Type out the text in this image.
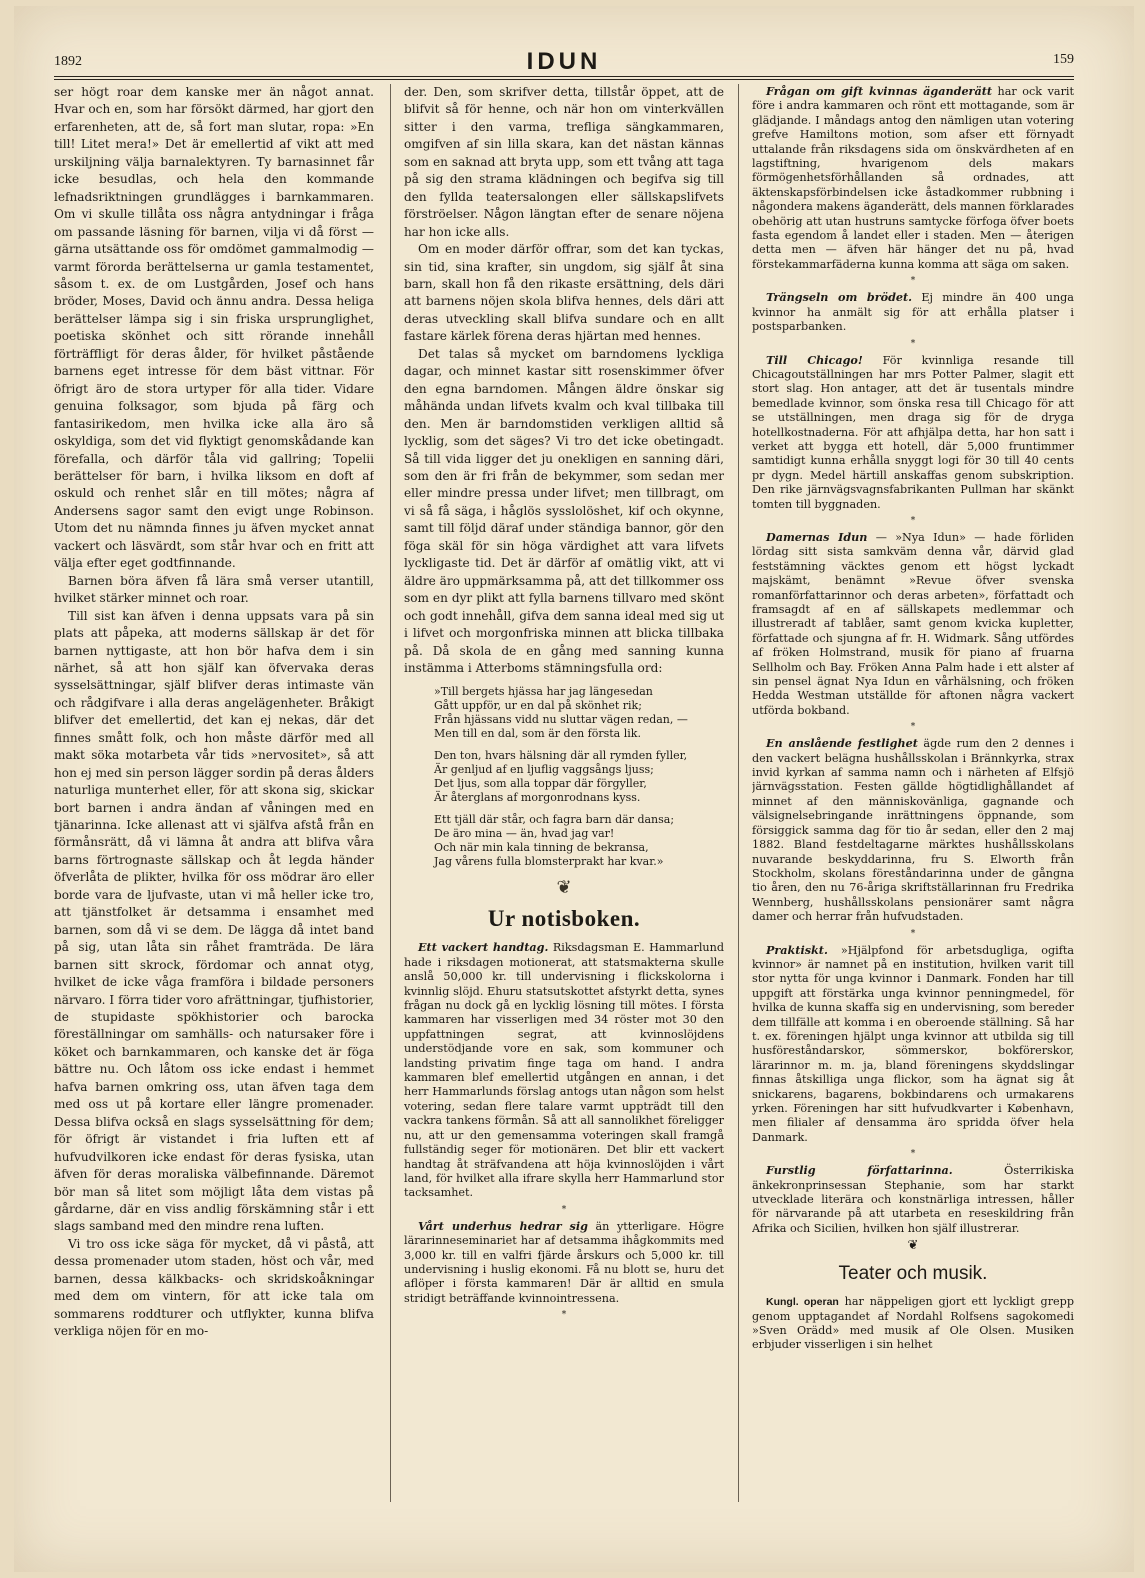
1892	IDUN	159

ser högt roar dem kanske mer än något annat. Hvar och en, som har försökt därmed, har gjort den erfarenheten, att de, så fort man slutar, ropa: »En till! Litet mera!» Det är emellertid af vikt att med urskiljning välja barnalektyren. Ty barnasinnet får icke besudlas, och hela den kommande lefnadsriktningen grundlägges i barnkammaren. Om vi skulle tillåta oss några antydningar i fråga om passande läsning för barnen, vilja vi då först — gärna utsättande oss för omdömet gammalmodig — varmt förorda berättelserna ur gamla testamentet, såsom t. ex. de om Lustgården, Josef och hans bröder, Moses, David och ännu andra. Dessa heliga berättelser lämpa sig i sin friska ursprunglighet, poetiska skönhet och sitt rörande innehåll förträffligt för deras ålder, för hvilket påstående barnens eget intresse för dem bäst vittnar. För öfrigt äro de stora urtyper för alla tider. Vidare genuina folksagor, som bjuda på färg och fantasirikedom, men hvilka icke alla äro så oskyldiga, som det vid flyktigt genomskådande kan förefalla, och därför tåla vid gallring; Topelii berättelser för barn, i hvilka liksom en doft af oskuld och renhet slår en till mötes; några af Andersens sagor samt den evigt unge Robinson. Utom det nu nämnda finnes ju äfven mycket annat vackert och läsvärdt, som står hvar och en fritt att välja efter eget godtfinnande.

Barnen böra äfven få lära små verser utantill, hvilket stärker minnet och roar.

Till sist kan äfven i denna uppsats vara på sin plats att påpeka, att moderns sällskap är det för barnen nyttigaste, att hon bör hafva dem i sin närhet, så att hon själf kan öfvervaka deras sysselsättningar, själf blifver deras intimaste vän och rådgifvare i alla deras angelägenheter. Bråkigt blifver det emellertid, det kan ej nekas, där det finnes smått folk, och hon måste därför med all makt söka motarbeta vår tids »nervositet», så att hon ej med sin person lägger sordin på deras ålders naturliga munterhet eller, för att skona sig, skickar bort barnen i andra ändan af våningen med en tjänarinna. Icke allenast att vi själfva afstå från en förmånsrätt, då vi lämna åt andra att blifva våra barns förtrognaste sällskap och åt legda händer öfverlåta de plikter, hvilka för oss mödrar äro eller borde vara de ljufvaste, utan vi må heller icke tro, att tjänstfolket är detsamma i ensamhet med barnen, som då vi se dem. De lägga då intet band på sig, utan låta sin råhet framträda. De lära barnen sitt skrock, fördomar och annat otyg, hvilket de icke våga framföra i bildade personers närvaro. I förra tider voro afrättningar, tjufhistorier, de stupidaste spökhistorier och barocka föreställningar om samhälls- och natursaker före i köket och barnkammaren, och kanske det är föga bättre nu. Och låtom oss icke endast i hemmet hafva barnen omkring oss, utan äfven taga dem med oss ut på kortare eller längre promenader. Dessa blifva också en slags sysselsättning för dem; för öfrigt är vistandet i fria luften ett af hufvudvilkoren icke endast för deras fysiska, utan äfven för deras moraliska välbefinnande. Däremot bör man så litet som möjligt låta dem vistas på gårdarne, där en viss andlig förskämning står i ett slags samband med den mindre rena luften.

Vi tro oss icke säga för mycket, då vi påstå, att dessa promenader utom staden, höst och vår, med barnen, dessa kälkbacks- och skridskoåkningar med dem om vintern, för att icke tala om sommarens roddturer och utflykter, kunna blifva verkliga nöjen för en mo-

der. Den, som skrifver detta, tillstår öppet, att de blifvit så för henne, och när hon om vinterkvällen sitter i den varma, trefliga sängkammaren, omgifven af sin lilla skara, kan det nästan kännas som en saknad att bryta upp, som ett tvång att taga på sig den strama klädningen och begifva sig till den fyllda teatersalongen eller sällskapslifvets förströelser. Någon längtan efter de senare nöjena har hon icke alls.

Om en moder därför offrar, som det kan tyckas, sin tid, sina krafter, sin ungdom, sig själf åt sina barn, skall hon få den rikaste ersättning, dels däri att barnens nöjen skola blifva hennes, dels däri att deras utveckling skall blifva sundare och en allt fastare kärlek förena deras hjärtan med hennes.

Det talas så mycket om barndomens lyckliga dagar, och minnet kastar sitt rosenskimmer öfver den egna barndomen. Mången äldre önskar sig måhända undan lifvets kvalm och kval tillbaka till den. Men är barndomstiden verkligen alltid så lycklig, som det säges? Vi tro det icke obetingadt. Så till vida ligger det ju onekligen en sanning däri, som den är fri från de bekymmer, som sedan mer eller mindre pressa under lifvet; men tillbragt, om vi så få säga, i håglös sysslolöshet, kif och okynne, samt till följd däraf under ständiga bannor, gör den föga skäl för sin höga värdighet att vara lifvets lyckligaste tid. Det är därför af omätlig vikt, att vi äldre äro uppmärksamma på, att det tillkommer oss som en dyr plikt att fylla barnens tillvaro med skönt och godt innehåll, gifva dem sanna ideal med sig ut i lifvet och morgonfriska minnen att blicka tillbaka på. Då skola de en gång med sanning kunna instämma i Atterboms stämningsfulla ord:

»Till bergets hjässa har jag längesedan
Gått uppför, ur en dal på skönhet rik;
Från hjässans vidd nu sluttar vägen redan, —
Men till en dal, som är den första lik.
Den ton, hvars hälsning där all rymden fyller,
Är genljud af en ljuflig vaggsångs ljuss;
Det ljus, som alla toppar där förgyller,
Är återglans af morgonrodnans kyss.
Ett tjäll där står, och fagra barn där dansa;
De äro mina — än, hvad jag var!
Och när min kala tinning de bekransa,
Jag vårens fulla blomsterprakt har kvar.»
❦
Ur notisboken.

Ett vackert handtag. Riksdagsman E. Hammarlund hade i riksdagen motionerat, att statsmakterna skulle anslå 50,000 kr. till undervisning i flickskolorna i kvinnlig slöjd. Ehuru statsutskottet afstyrkt detta, synes frågan nu dock gå en lycklig lösning till mötes. I första kammaren har visserligen med 34 röster mot 30 den uppfattningen segrat, att kvinnoslöjdens understödjande vore en sak, som kommuner och landsting privatim finge taga om hand. I andra kammaren blef emellertid utgången en annan, i det herr Hammarlunds förslag antogs utan någon som helst votering, sedan flere talare varmt uppträdt till den vackra tankens förmån. Så att all sannolikhet föreligger nu, att ur den gemensamma voteringen skall framgå fullständig seger för motionären. Det blir ett vackert handtag åt sträfvandena att höja kvinnoslöjden i vårt land, för hvilket alla ifrare skylla herr Hammarlund stor tacksamhet.

*

Vårt underhus hedrar sig än ytterligare. Högre lärarinneseminariet har af detsamma ihågkommits med 3,000 kr. till en valfri fjärde årskurs och 5,000 kr. till undervisning i huslig ekonomi. Få nu blott se, huru det aflöper i första kammaren! Där är alltid en smula stridigt beträffande kvinnointressena.

*

Frågan om gift kvinnas äganderätt har ock varit före i andra kammaren och rönt ett mottagande, som är glädjande. I måndags antog den nämligen utan votering grefve Hamiltons motion, som afser ett förnyadt uttalande från riksdagens sida om önskvärdheten af en lagstiftning, hvarigenom dels makars förmögenhetsförhållanden så ordnades, att äktenskapsförbindelsen icke åstadkommer rubbning i någondera makens äganderätt, dels mannen förklarades obehörig att utan hustruns samtycke förfoga öfver boets fasta egendom å landet eller i staden. Men — återigen detta men — äfven här hänger det nu på, hvad förstekammarfäderna kunna komma att säga om saken.

*

Trängseln om brödet. Ej mindre än 400 unga kvinnor ha anmält sig för att erhålla platser i postsparbanken.

*

Till Chicago! För kvinnliga resande till Chicagoutställningen har mrs Potter Palmer, slagit ett stort slag. Hon antager, att det är tusentals mindre bemedlade kvinnor, som önska resa till Chicago för att se utställningen, men draga sig för de dryga hotellkostnaderna. För att afhjälpa detta, har hon satt i verket att bygga ett hotell, där 5,000 fruntimmer samtidigt kunna erhålla snyggt logi för 30 till 40 cents pr dygn. Medel härtill anskaffas genom subskription. Den rike järnvägsvagnsfabrikanten Pullman har skänkt tomten till byggnaden.

*

Damernas Idun — »Nya Idun» — hade förliden lördag sitt sista samkväm denna vår, därvid glad feststämning väcktes genom ett högst lyckadt majskämt, benämnt »Revue öfver svenska romanförfattarinnor och deras arbeten», författadt och framsagdt af en af sällskapets medlemmar och illustreradt af tablåer, samt genom kvicka kupletter, författade och sjungna af fr. H. Widmark. Sång utfördes af fröken Holmstrand, musik för piano af fruarna Sellholm och Bay. Fröken Anna Palm hade i ett alster af sin pensel ägnat Nya Idun en vårhälsning, och fröken Hedda Westman utställde för aftonen några vackert utförda bokband.

*

En anslående festlighet ägde rum den 2 dennes i den vackert belägna hushållsskolan i Brännkyrka, strax invid kyrkan af samma namn och i närheten af Elfsjö järnvägsstation. Festen gällde högtidlighållandet af minnet af den människovänliga, gagnande och välsignelsebringande inrättningens öppnande, som försiggick samma dag för tio år sedan, eller den 2 maj 1882. Bland festdeltagarne märktes hushållsskolans nuvarande beskyddarinna, fru S. Elworth från Stockholm, skolans föreståndarinna under de gångna tio åren, den nu 76-åriga skriftställarinnan fru Fredrika Wennberg, hushållsskolans pensionärer samt några damer och herrar från hufvudstaden.

*

Praktiskt. »Hjälpfond för arbetsdugliga, ogifta kvinnor» är namnet på en institution, hvilken varit till stor nytta för unga kvinnor i Danmark. Fonden har till uppgift att förstärka unga kvinnor penningmedel, för hvilka de kunna skaffa sig en undervisning, som bereder dem tillfälle att komma i en oberoende ställning. Så har t. ex. föreningen hjälpt unga kvinnor att utbilda sig till husföreståndarskor, sömmerskor, bokförerskor, lärarinnor m. m. ja, bland föreningens skyddslingar finnas åtskilliga unga flickor, som ha ägnat sig åt snickarens, bagarens, bokbindarens och urmakarens yrken. Föreningen har sitt hufvudkvarter i København, men filialer af densamma äro spridda öfver hela Danmark.

*

Furstlig författarinna. Österrikiska änkekronprinsessan Stephanie, som har starkt utvecklade literära och konstnärliga intressen, håller för närvarande på att utarbeta en reseskildring från Afrika och Sicilien, hvilken hon själf illustrerar.

❦
Teater och musik.

Kungl. operan har näppeligen gjort ett lyckligt grepp genom upptagandet af Nordahl Rolfsens sagokomedi »Sven Orädd» med musik af Ole Olsen. Musiken erbjuder visserligen i sin helhet
